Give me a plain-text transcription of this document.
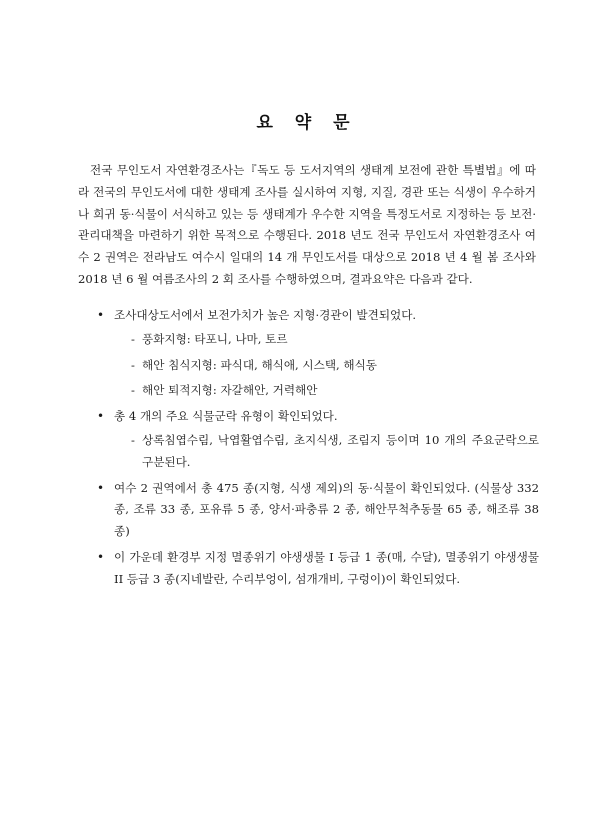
요 약 문

전국 무인도서 자연환경조사는『독도 등 도서지역의 생태계 보전에 관한 특별법』에 따라 전국의 무인도서에 대한 생태계 조사를 실시하여 지형, 지질, 경관 또는 식생이 우수하거나 희귀 동·식물이 서식하고 있는 등 생태계가 우수한 지역을 특정도서로 지정하는 등 보전·관리대책을 마련하기 위한 목적으로 수행된다. 2018 년도 전국 무인도서 자연환경조사 여수 2 권역은 전라남도 여수시 일대의 14 개 무인도서를 대상으로 2018 년 4 월 봄 조사와 2018 년 6 월 여름조사의 2 회 조사를 수행하였으며, 결과요약은 다음과 같다.

• 조사대상도서에서 보전가치가 높은 지형·경관이 발견되었다.
- 풍화지형: 타포니, 나마, 토르
- 해안 침식지형: 파식대, 해식애, 시스택, 해식동
- 해안 퇴적지형: 자갈해안, 거력해안
• 총 4 개의 주요 식물군락 유형이 확인되었다.
- 상록침엽수림, 낙엽활엽수림, 초지식생, 조림지 등이며 10 개의 주요군락으로 구분된다.
• 여수 2 권역에서 총 475 종(지형, 식생 제외)의 동·식물이 확인되었다. (식물상 332 종, 조류 33 종, 포유류 5 종, 양서·파충류 2 종, 해안무척추동물 65 종, 해조류 38 종)
• 이 가운데 환경부 지정 멸종위기 야생생물 I 등급 1 종(매, 수달), 멸종위기 야생생물 II 등급 3 종(지네발란, 수리부엉이, 섬개개비, 구렁이)이 확인되었다.
